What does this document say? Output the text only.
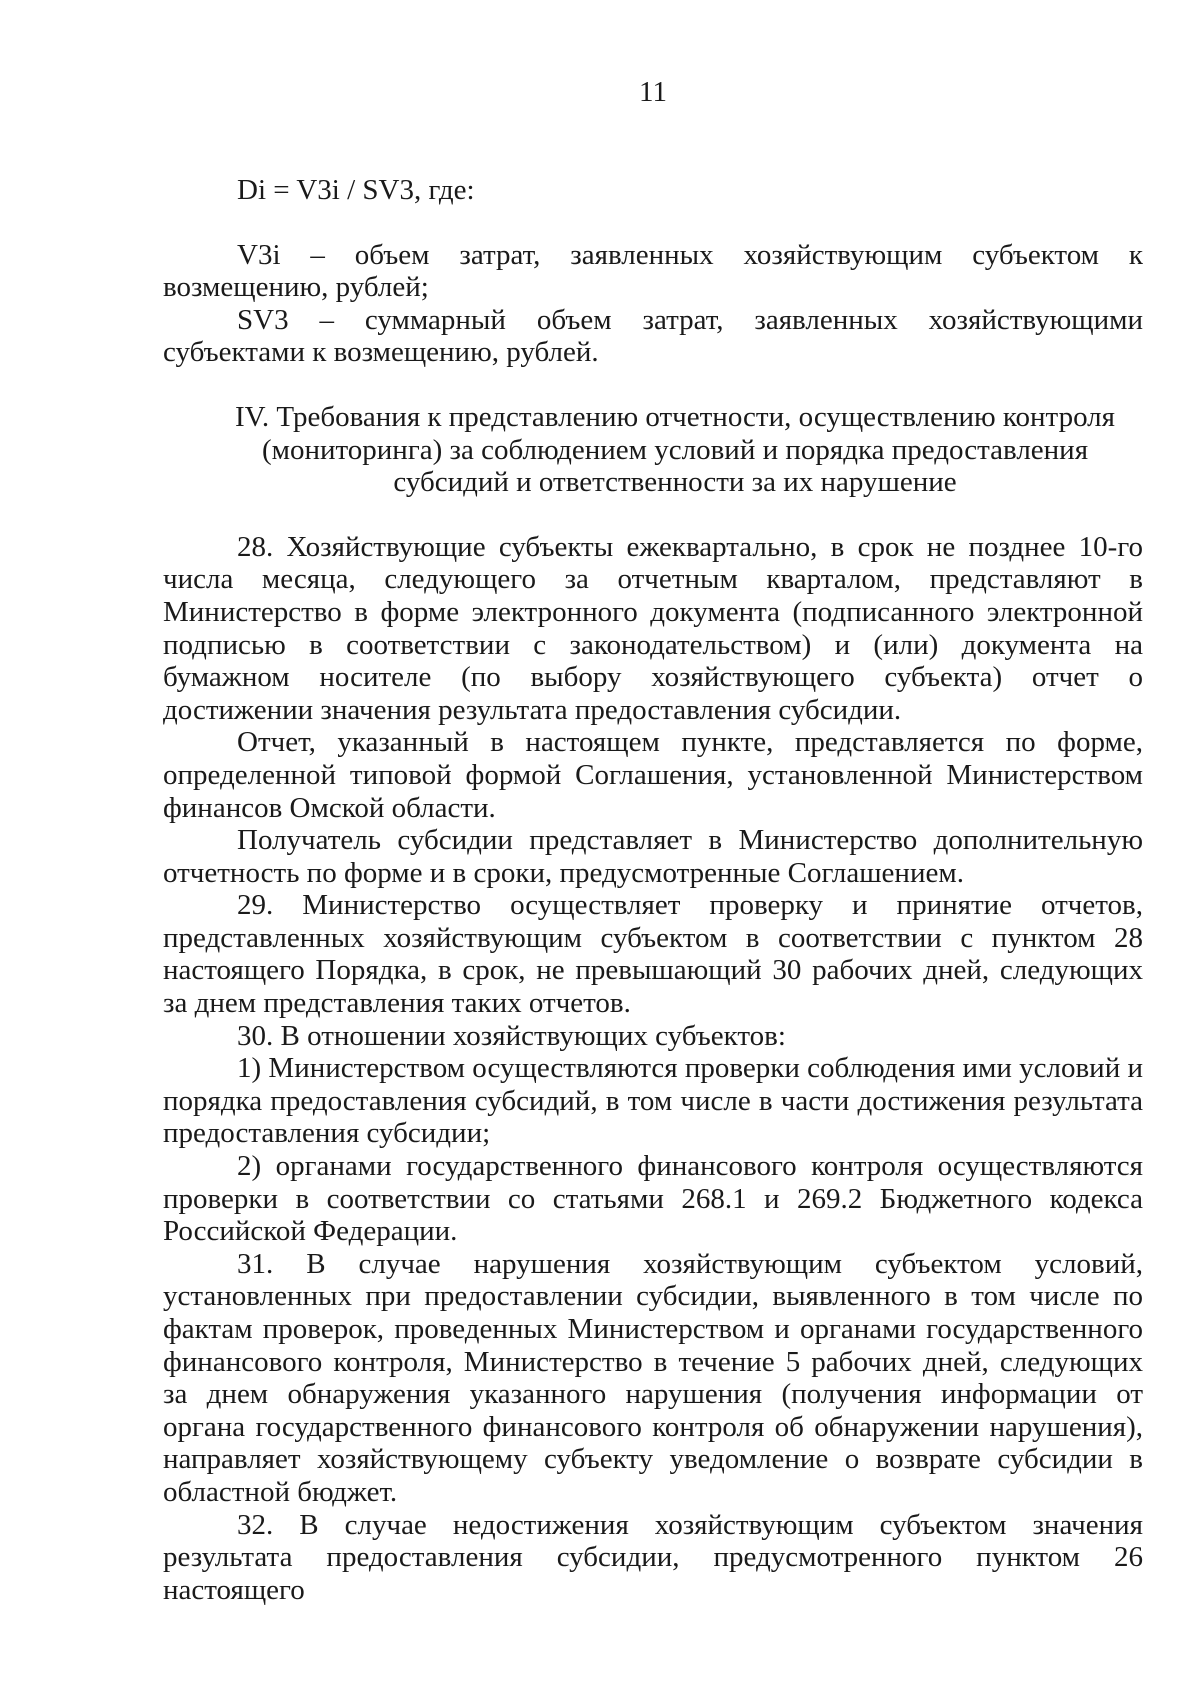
11

Di = V3i / SV3, где:

V3i – объем затрат, заявленных хозяйствующим субъектом к возмещению, рублей;

SV3 – суммарный объем затрат, заявленных хозяйствующими субъектами к возмещению, рублей.

IV. Требования к представлению отчетности, осуществлению контроля
(мониторинга) за соблюдением условий и порядка предоставления
субсидий и ответственности за их нарушение

28. Хозяйствующие субъекты ежеквартально, в срок не позднее 10-го числа месяца, следующего за отчетным кварталом, представляют в Министерство в форме электронного документа (подписанного электронной подписью в соответствии с законодательством) и (или) документа на бумажном носителе (по выбору хозяйствующего субъекта) отчет о достижении значения результата предоставления субсидии.

Отчет, указанный в настоящем пункте, представляется по форме, определенной типовой формой Соглашения, установленной Министерством финансов Омской области.

Получатель субсидии представляет в Министерство дополнительную отчетность по форме и в сроки, предусмотренные Соглашением.

29. Министерство осуществляет проверку и принятие отчетов, представленных хозяйствующим субъектом в соответствии с пунктом 28 настоящего Порядка, в срок, не превышающий 30 рабочих дней, следующих за днем представления таких отчетов.

30. В отношении хозяйствующих субъектов:

1) Министерством осуществляются проверки соблюдения ими условий и порядка предоставления субсидий, в том числе в части достижения результата предоставления субсидии;

2) органами государственного финансового контроля осуществляются проверки в соответствии со статьями 268.1 и 269.2 Бюджетного кодекса Российской Федерации.

31. В случае нарушения хозяйствующим субъектом условий, установленных при предоставлении субсидии, выявленного в том числе по фактам проверок, проведенных Министерством и органами государственного финансового контроля, Министерство в течение 5 рабочих дней, следующих за днем обнаружения указанного нарушения (получения информации от органа государственного финансового контроля об обнаружении нарушения), направляет хозяйствующему субъекту уведомление о возврате субсидии в областной бюджет.

32. В случае недостижения хозяйствующим субъектом значения результата предоставления субсидии, предусмотренного пунктом 26 настоящего
